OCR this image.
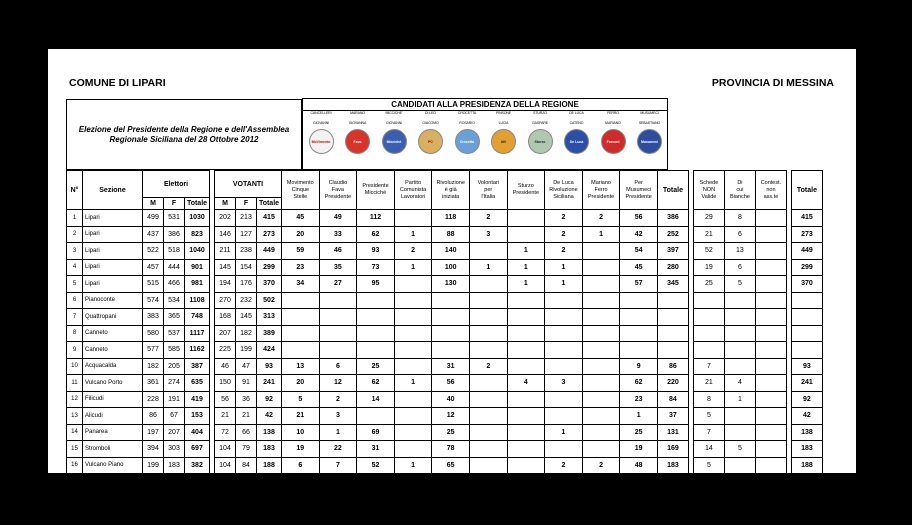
COMUNE DI LIPARI	PROVINCIA DI MESSINA
Elezione del Presidente della Regione e dell'Assemblea Regionale Siciliana del 28 Ottobre 2012
CANDIDATI ALLA PRESIDENZA DELLA REGIONE
CANCELLERI

GIOVANNI
MoVimento
MARANO

GIOVANNA
Fava
MICCICHE'

GIOVANNI
Micciché
DI LEO

GIACOMO
PC
CROCETTA

ROSARIO
Crocetta
PINSONE

LUCIA
IdV
STURZO

GASPARE
Sturzo
DE LUCA

CATENO
De Luca
FERRO

MARIANO
Forconi
MUSUMECI

SEBASTIANO
Musumeci
N°	Sezione	Elettori				VOTANTI			Movimento
Cinque
Stelle	Claudio
Fava
Presidente	Presidente
Micciché	Partito
Comunista
Lavoratori	Rivoluzione
è già
iniziata	Volontari
per
l'Italia	Sturzo
Presidente	De Luca
Rivoluzione
Siciliana	Mariano
Ferro
Presidente	Per
Musumeci
Presidente	Totale		Schede
NON
Valide	Di
cui
Bianche	Contest.
non
ass.te		Totale
		M	F	Totale		M	F	Totale																	
1	Lipari	499	531	1030		202	213	415	45	49	112		118	2		2	2	56	386		29	8			415
2	Lipari	437	386	823		146	127	273	20	33	62	1	88	3		2	1	42	252		21	6			273
3	Lipari	522	518	1040		211	238	449	59	46	93	2	140		1	2		54	397		52	13			449
4	Lipari	457	444	901		145	154	299	23	35	73	1	100	1	1	1		45	280		19	6			299
5	Lipari	515	466	981		194	176	370	34	27	95		130		1	1		57	345		25	5			370
6	Pianoconte	574	534	1108		270	232	502																	
7	Quattropani	383	365	748		168	145	313																	
8	Canneto	580	537	1117		207	182	389																	
9	Canneto	577	585	1162		225	199	424																	
10	Acquacalda	182	205	387		46	47	93	13	6	25		31	2				9	86		7				93
11	Vulcano Porto	361	274	635		150	91	241	20	12	62	1	56		4	3		62	220		21	4			241
12	Filicudi	228	191	419		56	36	92	5	2	14		40					23	84		8	1			92
13	Alicudi	86	67	153		21	21	42	21	3			12					1	37		5				42
14	Panarea	197	207	404		72	66	138	10	1	69		25			1		25	131		7				138
15	Stromboli	394	303	697		104	79	183	19	22	31		78					19	169		14	5			183
16	Vulcano Piano	199	183	382		104	84	188	6	7	52	1	65			2	2	48	183		5				188

Totale		6191	5796	11987		2321	2090	4411	275	243	688	6	883	8	7	14	5	441	2570		213	48			2783
